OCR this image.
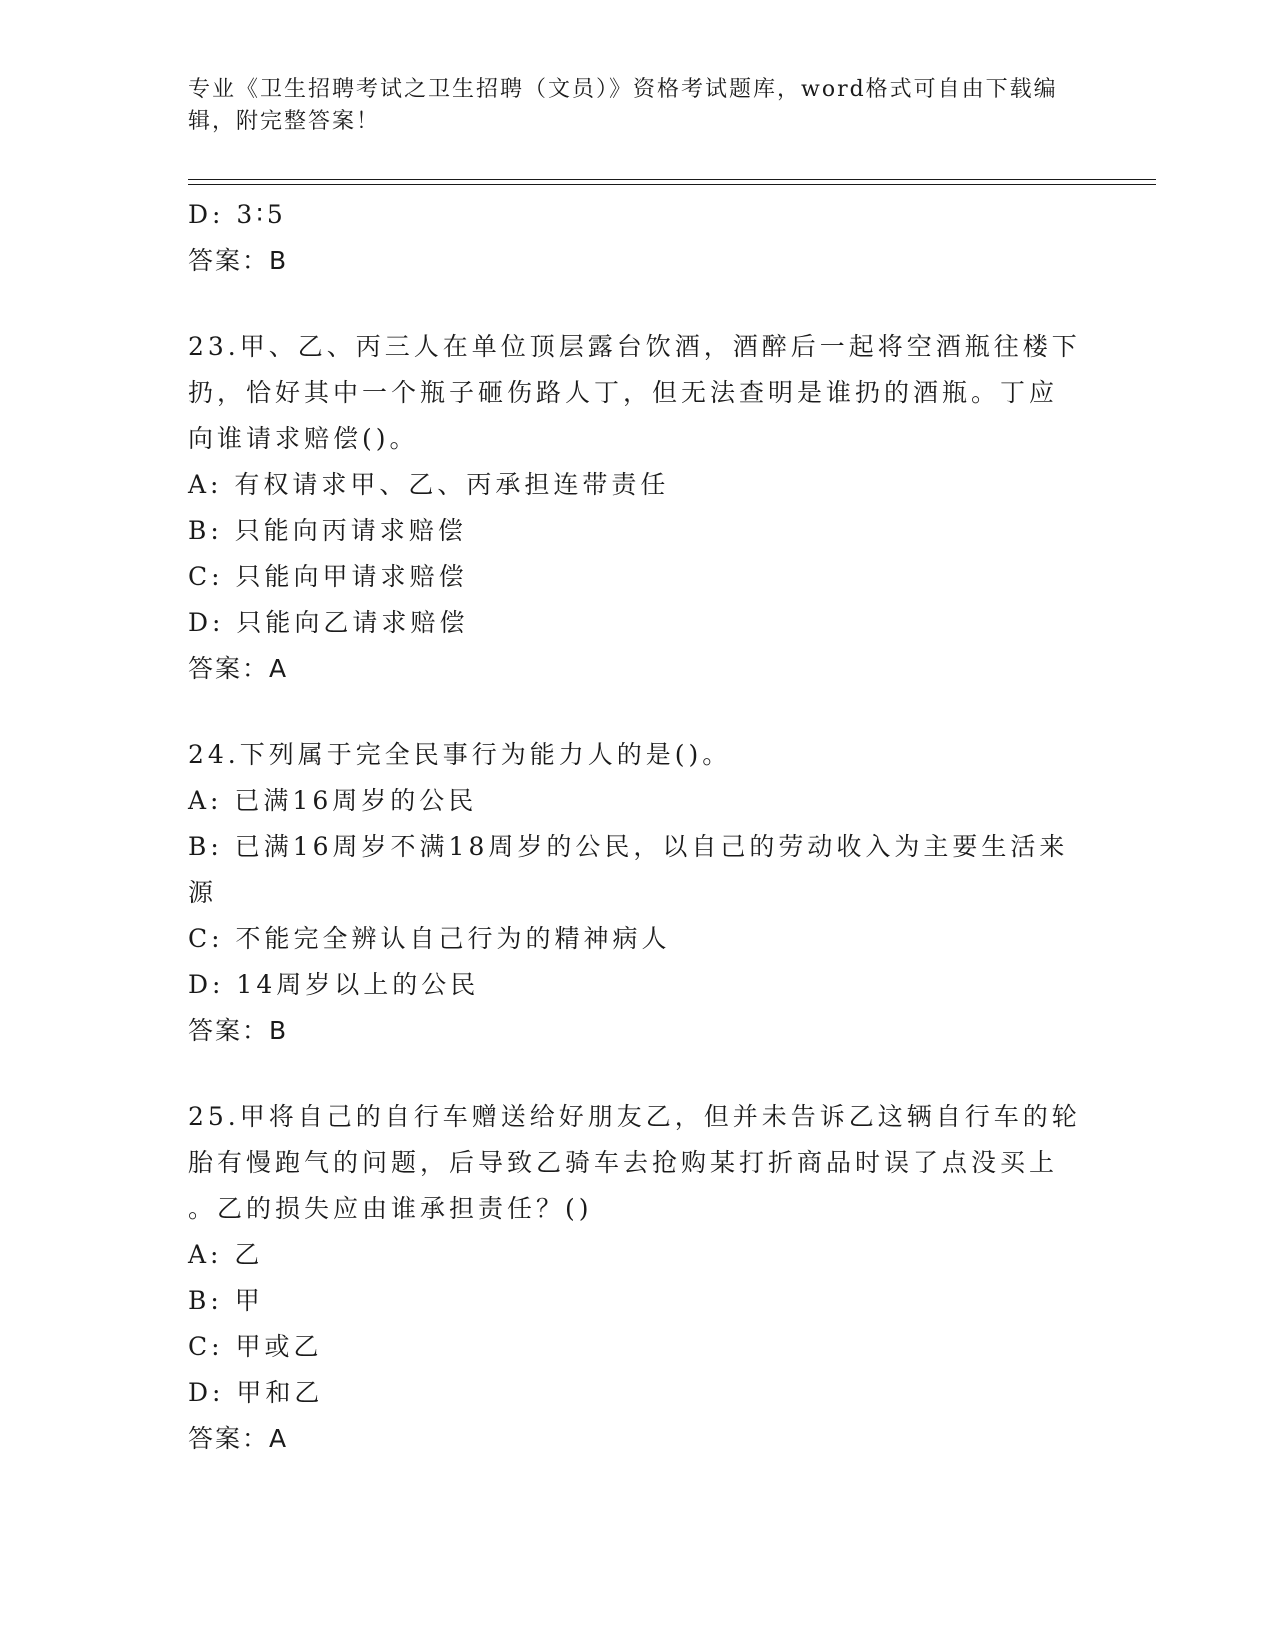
专业《卫生招聘考试之卫生招聘（文员）》资格考试题库，word格式可自由下载编辑，附完整答案！
D: 3∶5
答案：B
23.甲、乙、丙三人在单位顶层露台饮酒，酒醉后一起将空酒瓶往楼下
扔，恰好其中一个瓶子砸伤路人丁，但无法查明是谁扔的酒瓶。丁应
向谁请求赔偿()。
A: 有权请求甲、乙、丙承担连带责任
B: 只能向丙请求赔偿
C: 只能向甲请求赔偿
D: 只能向乙请求赔偿
答案：A
24.下列属于完全民事行为能力人的是()。
A: 已满16周岁的公民
B: 已满16周岁不满18周岁的公民，以自己的劳动收入为主要生活来
源
C: 不能完全辨认自己行为的精神病人
D: 14周岁以上的公民
答案：B
25.甲将自己的自行车赠送给好朋友乙，但并未告诉乙这辆自行车的轮
胎有慢跑气的问题，后导致乙骑车去抢购某打折商品时误了点没买上
。乙的损失应由谁承担责任？()
A: 乙
B: 甲
C: 甲或乙
D: 甲和乙
答案：A
